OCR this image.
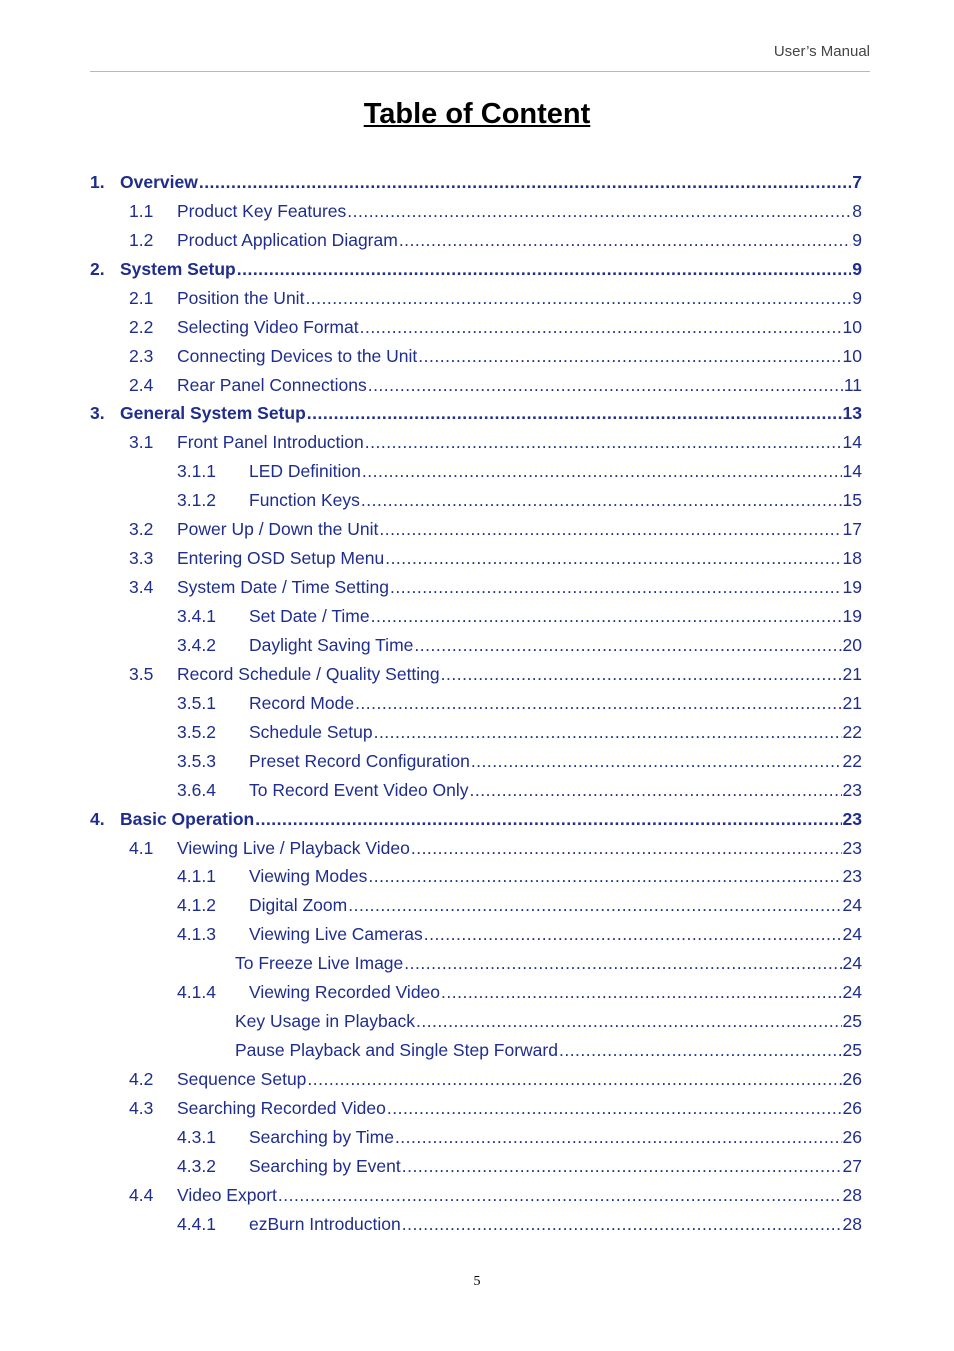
User’s Manual
Table of Content
1. Overview .....	7
1.1	Product Key Features .....	8
1.2	Product Application Diagram .....	9
2. System Setup .....	9
2.1	Position the Unit .....	9
2.2	Selecting Video Format .....	10
2.3	Connecting Devices to the Unit .....	10
2.4	Rear Panel Connections .....	11
3. General System Setup .....	13
3.1	Front Panel Introduction .....	14
3.1.1	LED Definition .....	14
3.1.2	Function Keys .....	15
3.2	Power Up / Down the Unit .....	17
3.3	Entering OSD Setup Menu .....	18
3.4	System Date / Time Setting .....	19
3.4.1	Set Date / Time .....	19
3.4.2	Daylight Saving Time .....	20
3.5	Record Schedule / Quality Setting .....	21
3.5.1	Record Mode .....	21
3.5.2	Schedule Setup .....	22
3.5.3	Preset Record Configuration .....	22
3.6.4	To Record Event Video Only .....	23
4. Basic Operation .....	23
4.1	Viewing Live / Playback Video .....	23
4.1.1	Viewing Modes .....	23
4.1.2	Digital Zoom .....	24
4.1.3	Viewing Live Cameras .....	24
To Freeze Live Image .....	24
4.1.4	Viewing Recorded Video .....	24
Key Usage in Playback .....	25
Pause Playback and Single Step Forward .....	25
4.2	Sequence Setup .....	26
4.3	Searching Recorded Video .....	26
4.3.1	Searching by Time .....	26
4.3.2	Searching by Event .....	27
4.4	Video Export .....	28
4.4.1	ezBurn Introduction .....	28
5
